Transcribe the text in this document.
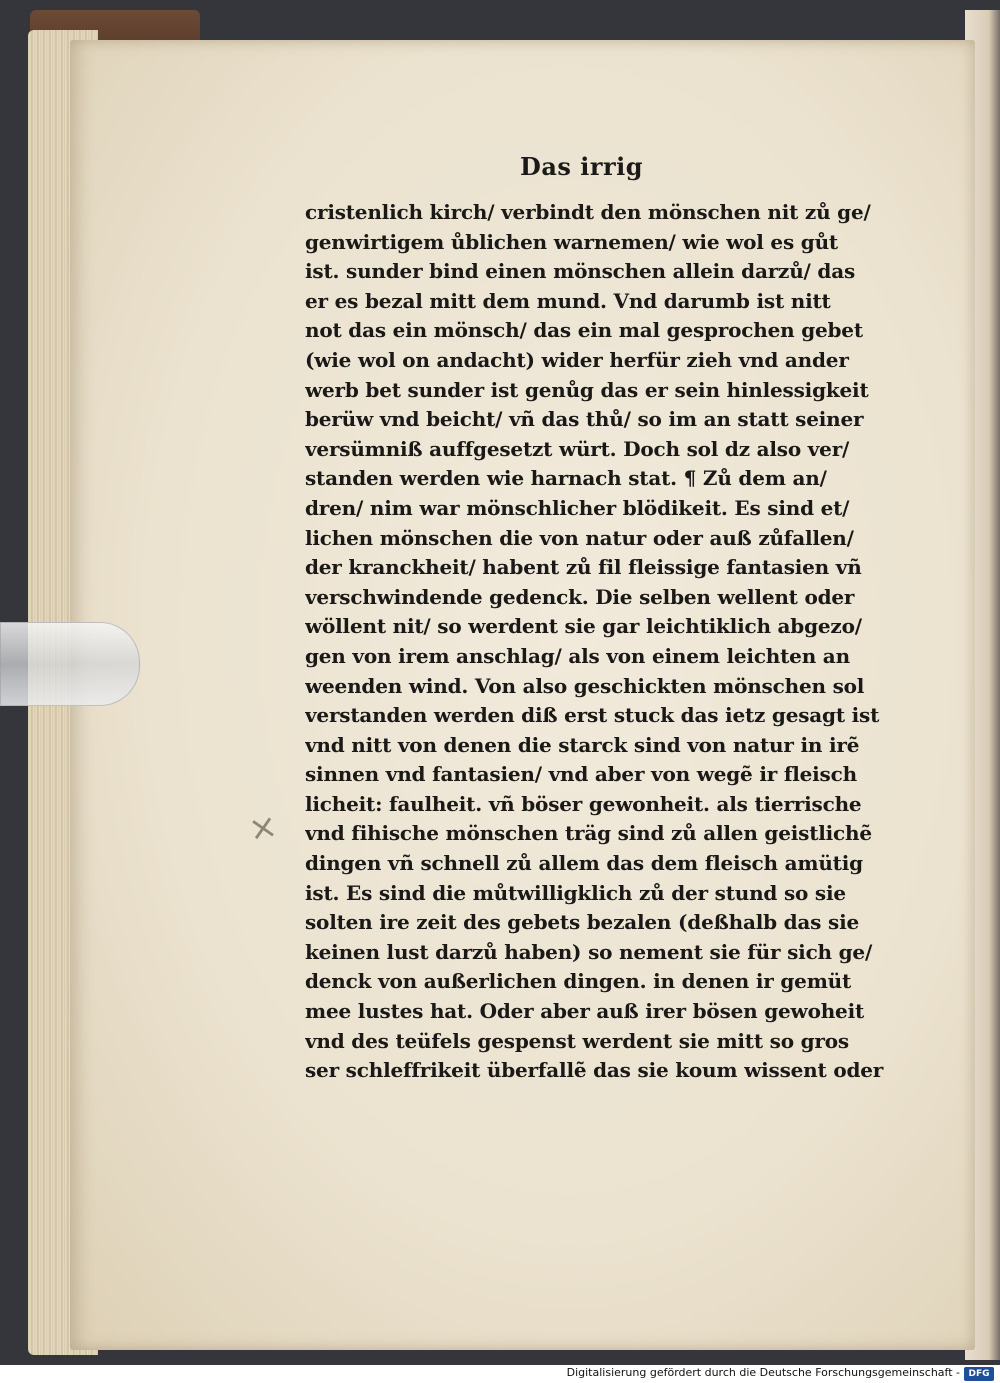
×
Das irrig
cristenlich kirch/ verbindt den mönschen nit zů ge/
genwirtigem ůblichen warnemen/ wie wol es gůt
ist. sunder bind einen mönschen allein darzů/ das
er es bezal mitt dem mund. Vnd darumb ist nitt
not das ein mönsch/ das ein mal gesprochen gebet
(wie wol on andacht) wider herfür zieh vnd ander
werb bet sunder ist genůg das er sein hinlessigkeit
berüw vnd beicht/ vñ das thů/ so im an statt seiner
versümniß auffgesetzt würt. Doch sol dz also ver/
standen werden wie harnach stat. ¶ Zů dem an/
dren/ nim war mönschlicher blödikeit. Es sind et/
lichen mönschen die von natur oder auß zůfallen/
der kranckheit/ habent zů fil fleissige fantasien vñ
verschwindende gedenck. Die selben wellent oder
wöllent nit/ so werdent sie gar leichtiklich abgezo/
gen von irem anschlag/ als von einem leichten an
weenden wind. Von also geschickten mönschen sol
verstanden werden diß erst stuck das ietz gesagt ist
vnd nitt von denen die starck sind von natur in irẽ
sinnen vnd fantasien/ vnd aber von wegẽ ir fleisch
licheit: faulheit. vñ böser gewonheit. als tierrische
vnd fihische mönschen träg sind zů allen geistlichẽ
dingen vñ schnell zů allem das dem fleisch amütig
ist. Es sind die můtwilligklich zů der stund so sie
solten ire zeit des gebets bezalen (deßhalb das sie
keinen lust darzů haben) so nement sie für sich ge/
denck von außerlichen dingen. in denen ir gemüt
mee lustes hat. Oder aber auß irer bösen gewoheit
vnd des teüfels gespenst werdent sie mitt so gros
ser schleffrikeit überfallẽ das sie koum wissent oder
Digitalisierung gefördert durch die Deutsche Forschungsgemeinschaft - DFG
